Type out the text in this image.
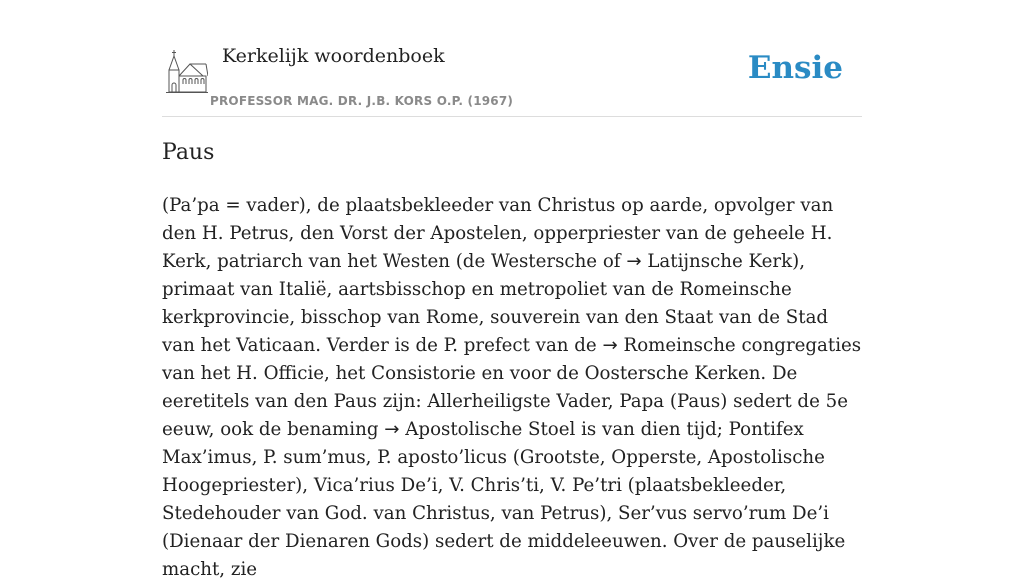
Kerkelijk woordenboek
PROFESSOR MAG. DR. J.B. KORS O.P. (1967)
Ensie
Paus

(Pa’pa = vader), de plaatsbekleeder van Christus op aarde, opvolger van den H. Petrus, den Vorst der Apostelen, opperpriester van de geheele H. Kerk, patriarch van het Westen (de Westersche of → Latijnsche Kerk), primaat van Italië, aartsbisschop en metropoliet van de Romeinsche kerkprovincie, bisschop van Rome, souverein van den Staat van de Stad van het Vaticaan. Verder is de P. prefect van de → Romeinsche congregaties van het H. Officie, het Consistorie en voor de Oostersche Kerken. De eeretitels van den Paus zijn: Allerheiligste Vader, Papa (Paus) sedert de 5e eeuw, ook de benaming → Apostolische Stoel is van dien tijd; Pontifex Max’imus, P. sum’mus, P. aposto’licus (Grootste, Opperste, Apostolische Hoogepriester), Vica’rius De’i, V. Chris’ti, V. Pe’tri (plaatsbekleeder, Stedehouder van God. van Christus, van Petrus), Ser’vus servo’rum De’i (Dienaar der Dienaren Gods) sedert de middeleeuwen. Over de pauselijke macht, zie
